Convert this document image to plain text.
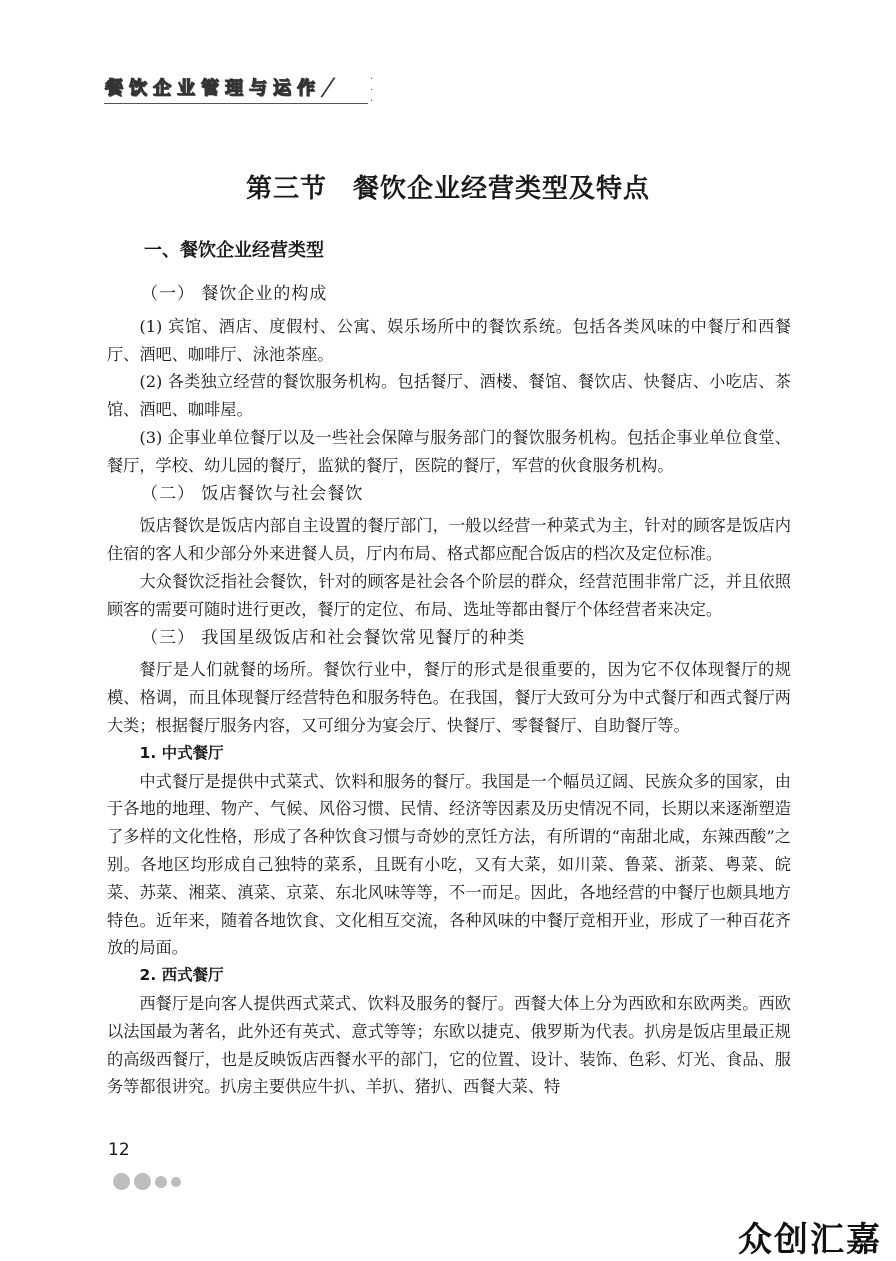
餐 饮 企 业 管 理 与 运 作 /	·
·
·
第三节 餐饮企业经营类型及特点
一、餐饮企业经营类型
（一） 餐饮企业的构成

(1) 宾馆、酒店、度假村、公寓、娱乐场所中的餐饮系统。包括各类风味的中餐厅和西餐厅、酒吧、咖啡厅、泳池茶座。

(2) 各类独立经营的餐饮服务机构。包括餐厅、酒楼、餐馆、餐饮店、快餐店、小吃店、茶馆、酒吧、咖啡屋。

(3) 企事业单位餐厅以及一些社会保障与服务部门的餐饮服务机构。包括企事业单位食堂、餐厅，学校、幼儿园的餐厅，监狱的餐厅，医院的餐厅，军营的伙食服务机构。

（二） 饭店餐饮与社会餐饮

饭店餐饮是饭店内部自主设置的餐厅部门，一般以经营一种菜式为主，针对的顾客是饭店内住宿的客人和少部分外来进餐人员，厅内布局、格式都应配合饭店的档次及定位标准。

大众餐饮泛指社会餐饮，针对的顾客是社会各个阶层的群众，经营范围非常广泛，并且依照顾客的需要可随时进行更改，餐厅的定位、布局、选址等都由餐厅个体经营者来决定。

（三） 我国星级饭店和社会餐饮常见餐厅的种类

餐厅是人们就餐的场所。餐饮行业中，餐厅的形式是很重要的，因为它不仅体现餐厅的规模、格调，而且体现餐厅经营特色和服务特色。在我国，餐厅大致可分为中式餐厅和西式餐厅两大类；根据餐厅服务内容，又可细分为宴会厅、快餐厅、零餐餐厅、自助餐厅等。

1. 中式餐厅

中式餐厅是提供中式菜式、饮料和服务的餐厅。我国是一个幅员辽阔、民族众多的国家，由于各地的地理、物产、气候、风俗习惯、民情、经济等因素及历史情况不同，长期以来逐渐塑造了多样的文化性格，形成了各种饮食习惯与奇妙的烹饪方法，有所谓的“南甜北咸，东辣西酸”之别。各地区均形成自己独特的菜系，且既有小吃，又有大菜，如川菜、鲁菜、浙菜、粤菜、皖菜、苏菜、湘菜、滇菜、京菜、东北风味等等，不一而足。因此，各地经营的中餐厅也颇具地方特色。近年来，随着各地饮食、文化相互交流，各种风味的中餐厅竞相开业，形成了一种百花齐放的局面。

2. 西式餐厅

西餐厅是向客人提供西式菜式、饮料及服务的餐厅。西餐大体上分为西欧和东欧两类。西欧以法国最为著名，此外还有英式、意式等等；东欧以捷克、俄罗斯为代表。扒房是饭店里最正规的高级西餐厅，也是反映饭店西餐水平的部门，它的位置、设计、装饰、色彩、灯光、食品、服务等都很讲究。扒房主要供应牛扒、羊扒、猪扒、西餐大菜、特

12
众创汇嘉
